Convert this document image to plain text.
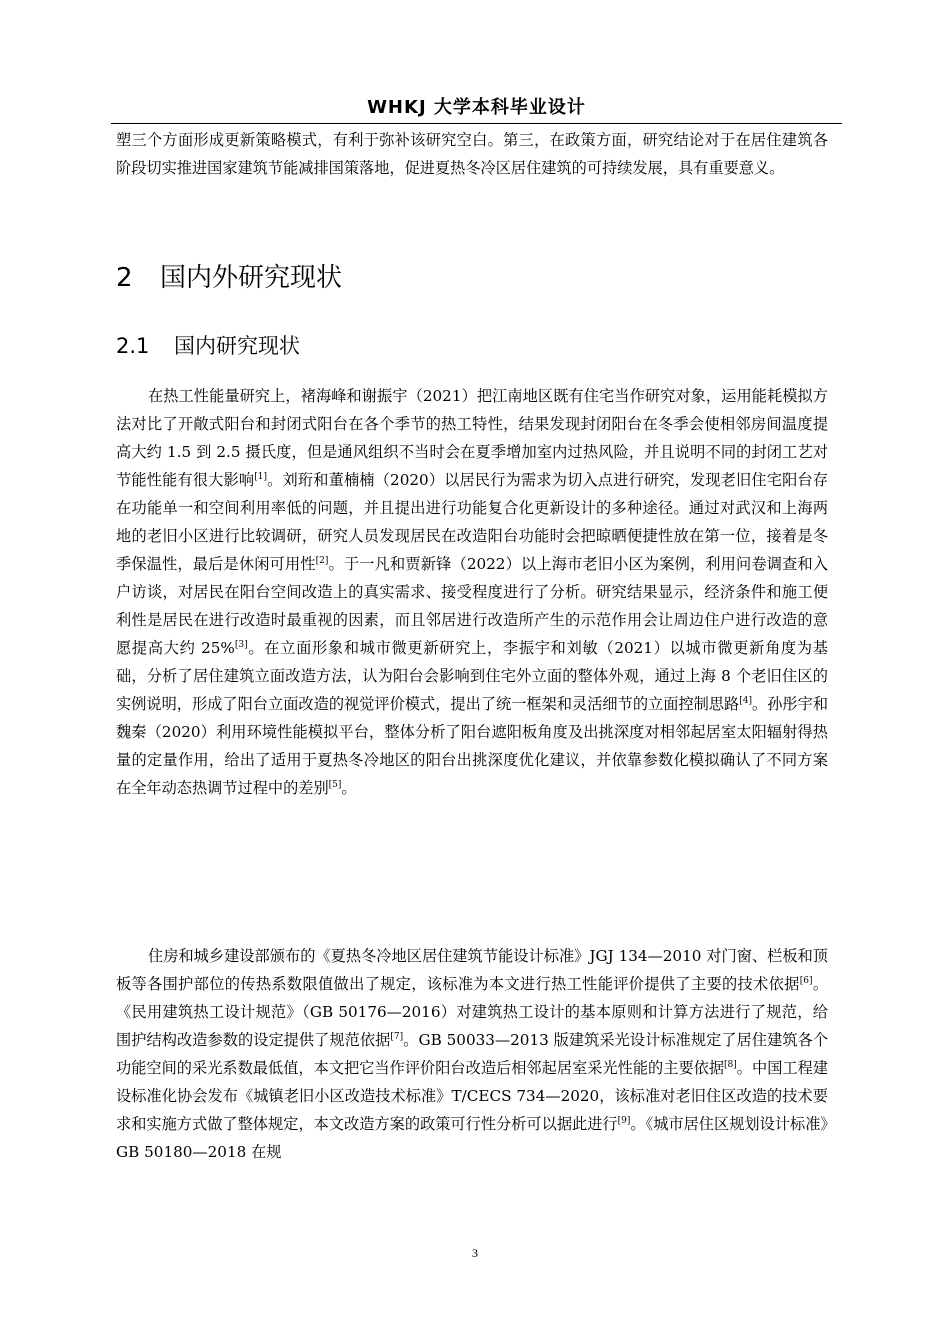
WHKJ 大学本科毕业设计

塑三个方面形成更新策略模式，有利于弥补该研究空白。第三，在政策方面，研究结论对于在居住建筑各阶段切实推进国家建筑节能减排国策落地，促进夏热冬冷区居住建筑的可持续发展，具有重要意义。

2 国内外研究现状
2.1 国内研究现状

在热工性能量研究上，褚海峰和谢振宇（2021）把江南地区既有住宅当作研究对象，运用能耗模拟方法对比了开敞式阳台和封闭式阳台在各个季节的热工特性，结果发现封闭阳台在冬季会使相邻房间温度提高大约 1.5 到 2.5 摄氏度，但是通风组织不当时会在夏季增加室内过热风险，并且说明不同的封闭工艺对节能性能有很大影响[1]。刘珩和董楠楠（2020）以居民行为需求为切入点进行研究，发现老旧住宅阳台存在功能单一和空间利用率低的问题，并且提出进行功能复合化更新设计的多种途径。通过对武汉和上海两地的老旧小区进行比较调研，研究人员发现居民在改造阳台功能时会把晾晒便捷性放在第一位，接着是冬季保温性，最后是休闲可用性[2]。于一凡和贾新锋（2022）以上海市老旧小区为案例，利用问卷调查和入户访谈，对居民在阳台空间改造上的真实需求、接受程度进行了分析。研究结果显示，经济条件和施工便利性是居民在进行改造时最重视的因素，而且邻居进行改造所产生的示范作用会让周边住户进行改造的意愿提高大约 25%[3]。在立面形象和城市微更新研究上，李振宇和刘敏（2021）以城市微更新角度为基础，分析了居住建筑立面改造方法，认为阳台会影响到住宅外立面的整体外观，通过上海 8 个老旧住区的实例说明，形成了阳台立面改造的视觉评价模式，提出了统一框架和灵活细节的立面控制思路[4]。孙彤宇和魏秦（2020）利用环境性能模拟平台，整体分析了阳台遮阳板角度及出挑深度对相邻起居室太阳辐射得热量的定量作用，给出了适用于夏热冬冷地区的阳台出挑深度优化建议，并依靠参数化模拟确认了不同方案在全年动态热调节过程中的差别[5]。

住房和城乡建设部颁布的《夏热冬冷地区居住建筑节能设计标准》JGJ 134—2010 对门窗、栏板和顶板等各围护部位的传热系数限值做出了规定，该标准为本文进行热工性能评价提供了主要的技术依据[6]。《民用建筑热工设计规范》（GB 50176—2016）对建筑热工设计的基本原则和计算方法进行了规范，给围护结构改造参数的设定提供了规范依据[7]。GB 50033—2013 版建筑采光设计标准规定了居住建筑各个功能空间的采光系数最低值，本文把它当作评价阳台改造后相邻起居室采光性能的主要依据[8]。中国工程建设标准化协会发布《城镇老旧小区改造技术标准》T/CECS 734—2020，该标准对老旧住区改造的技术要求和实施方式做了整体规定，本文改造方案的政策可行性分析可以据此进行[9]。《城市居住区规划设计标准》GB 50180—2018 在规

3
